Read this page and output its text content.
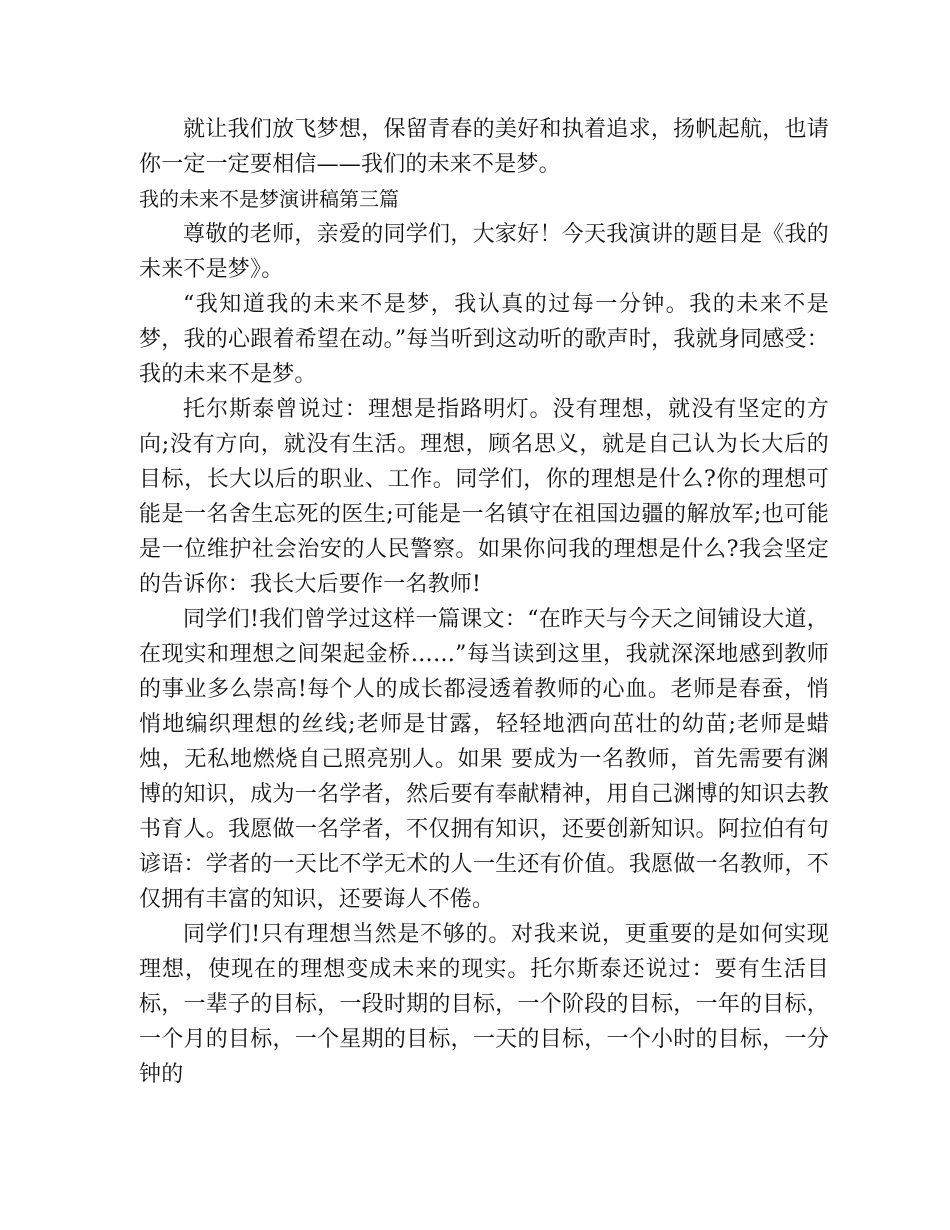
就让我们放飞梦想，保留青春的美好和执着追求，扬帆起航，也请你一定一定要相信——我们的未来不是梦。

我的未来不是梦演讲稿第三篇

尊敬的老师，亲爱的同学们，大家好！今天我演讲的题目是《我的未来不是梦》。

“我知道我的未来不是梦，我认真的过每一分钟。我的未来不是梦，我的心跟着希望在动。”每当听到这动听的歌声时，我就身同感受：我的未来不是梦。

托尔斯泰曾说过：理想是指路明灯。没有理想，就没有坚定的方向;没有方向，就没有生活。理想，顾名思义，就是自己认为长大后的目标，长大以后的职业、工作。同学们，你的理想是什么?你的理想可能是一名舍生忘死的医生;可能是一名镇守在祖国边疆的解放军;也可能是一位维护社会治安的人民警察。如果你问我的理想是什么?我会坚定的告诉你：我长大后要作一名教师!

同学们!我们曾学过这样一篇课文：“在昨天与今天之间铺设大道，在现实和理想之间架起金桥……”每当读到这里，我就深深地感到教师的事业多么崇高!每个人的成长都浸透着教师的心血。老师是春蚕，悄悄地编织理想的丝线;老师是甘露，轻轻地洒向茁壮的幼苗;老师是蜡烛，无私地燃烧自己照亮别人。如果 要成为一名教师，首先需要有渊博的知识，成为一名学者，然后要有奉献精神，用自己渊博的知识去教书育人。我愿做一名学者，不仅拥有知识，还要创新知识。阿拉伯有句谚语：学者的一天比不学无术的人一生还有价值。我愿做一名教师，不仅拥有丰富的知识，还要诲人不倦。

同学们!只有理想当然是不够的。对我来说，更重要的是如何实现理想，使现在的理想变成未来的现实。托尔斯泰还说过：要有生活目标，一辈子的目标，一段时期的目标，一个阶段的目标，一年的目标，一个月的目标，一个星期的目标，一天的目标，一个小时的目标，一分钟的
